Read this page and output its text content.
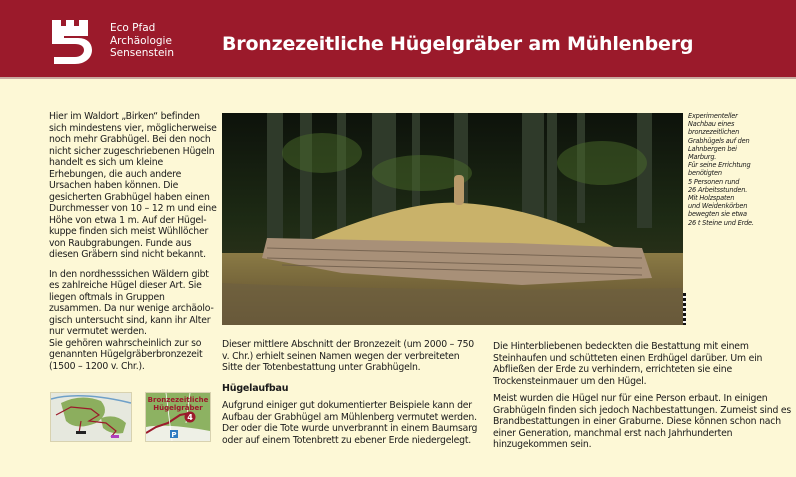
Eco Pfad
Archäologie
Sensenstein	Bronzezeitliche Hügelgräber am Mühlenberg

Hier im Waldort „Birken“ befinden sich mindestens vier, möglicherweise noch mehr Grabhügel. Bei den noch nicht sicher zugeschriebenen Hügeln handelt es sich um kleine Erhebungen, die auch andere Ursachen haben können. Die gesicherten Grabhügel haben einen Durchmesser von 10 – 12 m und eine Höhe von etwa 1 m. Auf der Hügel-kuppe finden sich meist Wühllöcher von Raubgrabungen. Funde aus diesen Gräbern sind nicht bekannt.

In den nordhesssichen Wäldern gibt es zahlreiche Hügel dieser Art. Sie liegen oftmals in Gruppen zusammen. Da nur wenige archäolo-gisch untersucht sind, kann ihr Alter nur vermutet werden.

Sie gehören wahrscheinlich zur so genannten Hügelgräberbronzezeit (1500 – 1200 v. Chr.).

Experimenteller
Nachbau eines
bronzezeitlichen
Grabhügels auf den
Lahnbergen bei
Marburg.
Für seine Errichtung
benötigten
5 Personen rund
26 Arbeitsstunden.
Mit Holzspaten
und Weidenkörben
bewegten sie etwa
26 t Steine und Erde.

Dieser mittlere Abschnitt der Bronzezeit (um 2000 – 750 v. Chr.) erhielt seinen Namen wegen der verbreiteten Sitte der Totenbestattung unter Grabhügeln.

Hügelaufbau

Aufgrund einiger gut dokumentierter Beispiele kann der Aufbau der Grabhügel am Mühlenberg vermutet werden. Der oder die Tote wurde unverbrannt in einem Baumsarg oder auf einem Totenbrett zu ebener Erde niedergelegt.

Die Hinterbliebenen bedeckten die Bestattung mit einem Steinhaufen und schütteten einen Erdhügel darüber. Um ein Abfließen der Erde zu verhindern, errichteten sie eine Trockensteinmauer um den Hügel.

Meist wurden die Hügel nur für eine Person erbaut. In einigen Grabhügeln finden sich jedoch Nachbestattungen. Zumeist sind es Brandbestattungen in einer Graburne. Diese können schon nach einer Generation, manchmal erst nach Jahrhunderten hinzugekommen sein.

Bronzezeitliche
Hügelgräber
4
P
